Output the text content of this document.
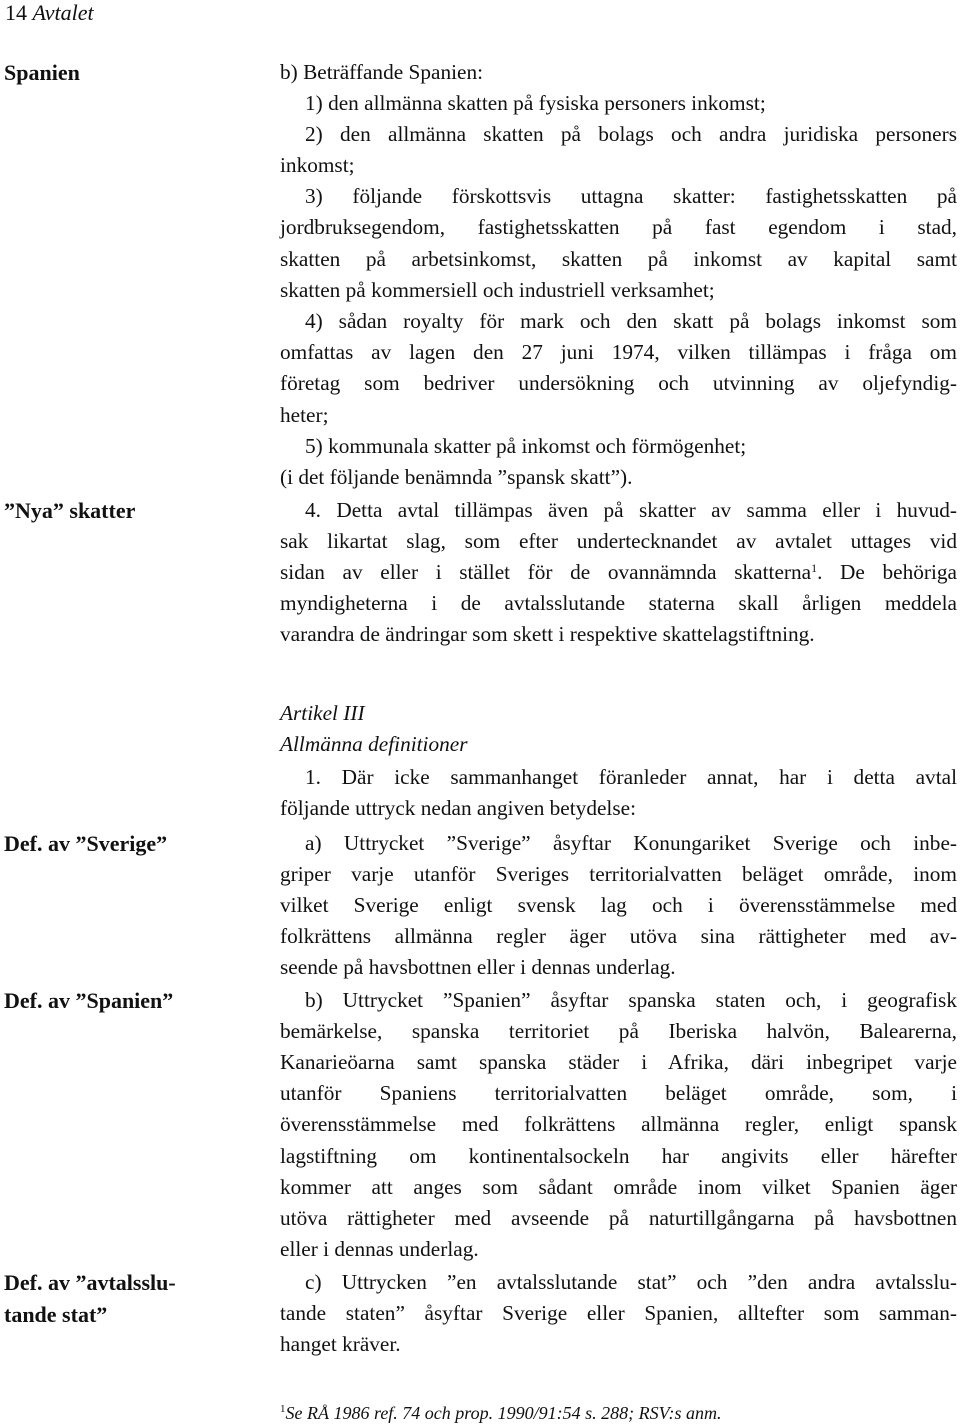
14 Avtalet
Spanien
”Nya” skatter
Def. av ”Sverige”
Def. av ”Spanien”
Def. av ”avtalsslu-
tande stat”
b) Beträffande Spanien:
1) den allmänna skatten på fysiska personers inkomst;
2) den allmänna skatten på bolags och andra juridiska personers
inkomst;
3) följande förskottsvis uttagna skatter: fastighetsskatten på
jordbruksegendom, fastighetsskatten på fast egendom i stad,
skatten på arbetsinkomst, skatten på inkomst av kapital samt
skatten på kommersiell och industriell verksamhet;
4) sådan royalty för mark och den skatt på bolags inkomst som
omfattas av lagen den 27 juni 1974, vilken tillämpas i fråga om
företag som bedriver undersökning och utvinning av oljefyndig-
heter;
5) kommunala skatter på inkomst och förmögenhet;
(i det följande benämnda ”spansk skatt”).
4. Detta avtal tillämpas även på skatter av samma eller i huvud-
sak likartat slag, som efter undertecknandet av avtalet uttages vid
sidan av eller i stället för de ovannämnda skatterna$^1$. De behöriga
myndigheterna i de avtalsslutande staterna skall årligen meddela
varandra de ändringar som skett i respektive skattelagstiftning.
Artikel III
Allmänna definitioner
1. Där icke sammanhanget föranleder annat, har i detta avtal
följande uttryck nedan angiven betydelse:
a) Uttrycket ”Sverige” åsyftar Konungariket Sverige och inbe-
griper varje utanför Sveriges territorialvatten beläget område, inom
vilket Sverige enligt svensk lag och i överensstämmelse med
folkrättens allmänna regler äger utöva sina rättigheter med av-
seende på havsbottnen eller i dennas underlag.
b) Uttrycket ”Spanien” åsyftar spanska staten och, i geografisk
bemärkelse, spanska territoriet på Iberiska halvön, Balearerna,
Kanarieöarna samt spanska städer i Afrika, däri inbegripet varje
utanför Spaniens territorialvatten beläget område, som, i
överensstämmelse med folkrättens allmänna regler, enligt spansk
lagstiftning om kontinentalsockeln har angivits eller härefter
kommer att anges som sådant område inom vilket Spanien äger
utöva rättigheter med avseende på naturtillgångarna på havsbottnen
eller i dennas underlag.
c) Uttrycken ”en avtalsslutande stat” och ”den andra avtalsslu-
tande staten” åsyftar Sverige eller Spanien, alltefter som samman-
hanget kräver.
$^1$Se RÅ 1986 ref. 74 och prop. 1990/91:54 s. 288; RSV:s anm.
